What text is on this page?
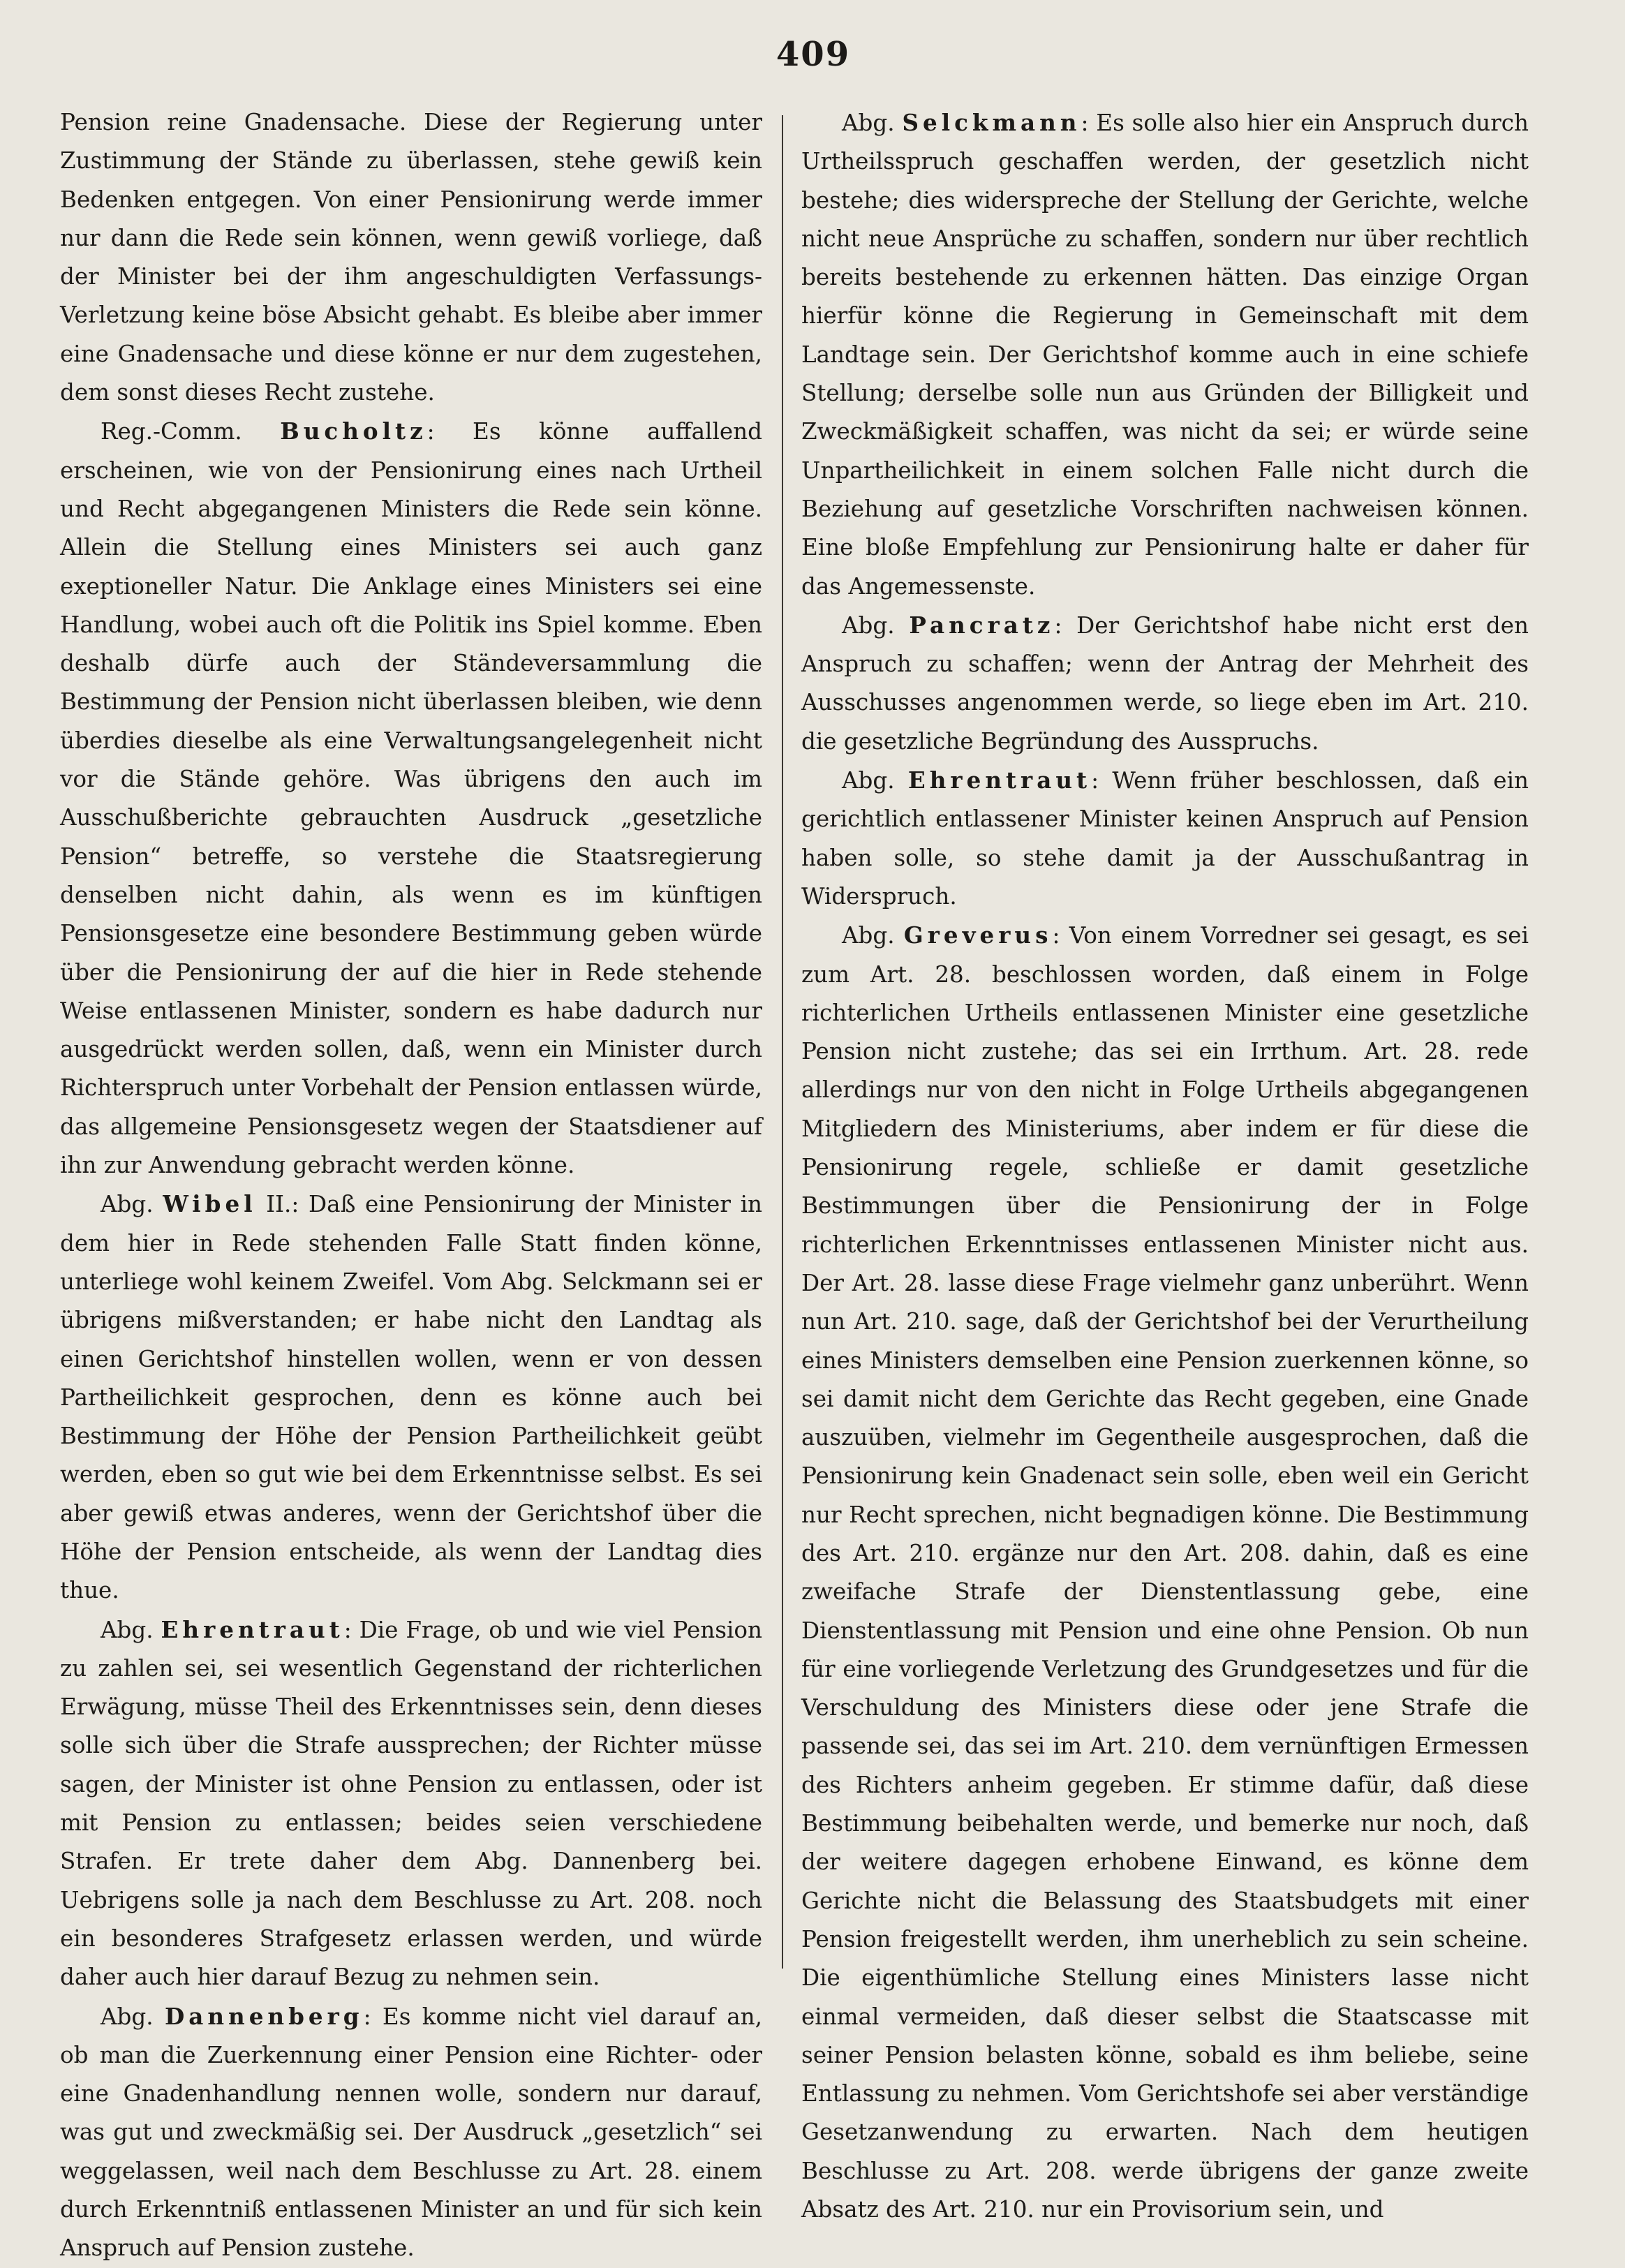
409

Pension reine Gnadensache. Diese der Regierung unter Zustimmung der Stände zu überlassen, stehe gewiß kein Bedenken entgegen. Von einer Pensionirung werde immer nur dann die Rede sein können, wenn gewiß vorliege, daß der Minister bei der ihm angeschuldigten Verfassungs-Verletzung keine böse Absicht gehabt. Es bleibe aber immer eine Gnadensache und diese könne er nur dem zugestehen, dem sonst dieses Recht zustehe.

Reg.-Comm. Bucholtz: Es könne auffallend erscheinen, wie von der Pensionirung eines nach Urtheil und Recht abgegangenen Ministers die Rede sein könne. Allein die Stellung eines Ministers sei auch ganz exeptioneller Natur. Die Anklage eines Ministers sei eine Handlung, wobei auch oft die Politik ins Spiel komme. Eben deshalb dürfe auch der Ständeversammlung die Bestimmung der Pension nicht überlassen bleiben, wie denn überdies dieselbe als eine Verwaltungsangelegenheit nicht vor die Stände gehöre. Was übrigens den auch im Ausschußberichte gebrauchten Ausdruck „gesetzliche Pension“ betreffe, so verstehe die Staatsregierung denselben nicht dahin, als wenn es im künftigen Pensionsgesetze eine besondere Bestimmung geben würde über die Pensionirung der auf die hier in Rede stehende Weise entlassenen Minister, sondern es habe dadurch nur ausgedrückt werden sollen, daß, wenn ein Minister durch Richterspruch unter Vorbehalt der Pension entlassen würde, das allgemeine Pensionsgesetz wegen der Staatsdiener auf ihn zur Anwendung gebracht werden könne.

Abg. Wibel II.: Daß eine Pensionirung der Minister in dem hier in Rede stehenden Falle Statt finden könne, unterliege wohl keinem Zweifel. Vom Abg. Selckmann sei er übrigens mißverstanden; er habe nicht den Landtag als einen Gerichtshof hinstellen wollen, wenn er von dessen Partheilichkeit gesprochen, denn es könne auch bei Bestimmung der Höhe der Pension Partheilichkeit geübt werden, eben so gut wie bei dem Erkenntnisse selbst. Es sei aber gewiß etwas anderes, wenn der Gerichtshof über die Höhe der Pension entscheide, als wenn der Landtag dies thue.

Abg. Ehrentraut: Die Frage, ob und wie viel Pension zu zahlen sei, sei wesentlich Gegenstand der richterlichen Erwägung, müsse Theil des Erkenntnisses sein, denn dieses solle sich über die Strafe aussprechen; der Richter müsse sagen, der Minister ist ohne Pension zu entlassen, oder ist mit Pension zu entlassen; beides seien verschiedene Strafen. Er trete daher dem Abg. Dannenberg bei. Uebrigens solle ja nach dem Beschlusse zu Art. 208. noch ein besonderes Strafgesetz erlassen werden, und würde daher auch hier darauf Bezug zu nehmen sein.

Abg. Dannenberg: Es komme nicht viel darauf an, ob man die Zuerkennung einer Pension eine Richter- oder eine Gnadenhandlung nennen wolle, sondern nur darauf, was gut und zweckmäßig sei. Der Ausdruck „gesetzlich“ sei weggelassen, weil nach dem Beschlusse zu Art. 28. einem durch Erkenntniß entlassenen Minister an und für sich kein Anspruch auf Pension zustehe.

Abg. Selckmann: Es solle also hier ein Anspruch durch Urtheilsspruch geschaffen werden, der gesetzlich nicht bestehe; dies widerspreche der Stellung der Gerichte, welche nicht neue Ansprüche zu schaffen, sondern nur über rechtlich bereits bestehende zu erkennen hätten. Das einzige Organ hierfür könne die Regierung in Gemeinschaft mit dem Landtage sein. Der Gerichtshof komme auch in eine schiefe Stellung; derselbe solle nun aus Gründen der Billigkeit und Zweckmäßigkeit schaffen, was nicht da sei; er würde seine Unpartheilichkeit in einem solchen Falle nicht durch die Beziehung auf gesetzliche Vorschriften nachweisen können. Eine bloße Empfehlung zur Pensionirung halte er daher für das Angemessenste.

Abg. Pancratz: Der Gerichtshof habe nicht erst den Anspruch zu schaffen; wenn der Antrag der Mehrheit des Ausschusses angenommen werde, so liege eben im Art. 210. die gesetzliche Begründung des Ausspruchs.

Abg. Ehrentraut: Wenn früher beschlossen, daß ein gerichtlich entlassener Minister keinen Anspruch auf Pension haben solle, so stehe damit ja der Ausschußantrag in Widerspruch.

Abg. Greverus: Von einem Vorredner sei gesagt, es sei zum Art. 28. beschlossen worden, daß einem in Folge richterlichen Urtheils entlassenen Minister eine gesetzliche Pension nicht zustehe; das sei ein Irrthum. Art. 28. rede allerdings nur von den nicht in Folge Urtheils abgegangenen Mitgliedern des Ministeriums, aber indem er für diese die Pensionirung regele, schließe er damit gesetzliche Bestimmungen über die Pensionirung der in Folge richterlichen Erkenntnisses entlassenen Minister nicht aus. Der Art. 28. lasse diese Frage vielmehr ganz unberührt. Wenn nun Art. 210. sage, daß der Gerichtshof bei der Verurtheilung eines Ministers demselben eine Pension zuerkennen könne, so sei damit nicht dem Gerichte das Recht gegeben, eine Gnade auszuüben, vielmehr im Gegentheile ausgesprochen, daß die Pensionirung kein Gnadenact sein solle, eben weil ein Gericht nur Recht sprechen, nicht begnadigen könne. Die Bestimmung des Art. 210. ergänze nur den Art. 208. dahin, daß es eine zweifache Strafe der Dienstentlassung gebe, eine Dienstentlassung mit Pension und eine ohne Pension. Ob nun für eine vorliegende Verletzung des Grundgesetzes und für die Verschuldung des Ministers diese oder jene Strafe die passende sei, das sei im Art. 210. dem vernünftigen Ermessen des Richters anheim gegeben. Er stimme dafür, daß diese Bestimmung beibehalten werde, und bemerke nur noch, daß der weitere dagegen erhobene Einwand, es könne dem Gerichte nicht die Belassung des Staatsbudgets mit einer Pension freigestellt werden, ihm unerheblich zu sein scheine. Die eigenthümliche Stellung eines Ministers lasse nicht einmal vermeiden, daß dieser selbst die Staatscasse mit seiner Pension belasten könne, sobald es ihm beliebe, seine Entlassung zu nehmen. Vom Gerichtshofe sei aber verständige Gesetzanwendung zu erwarten. Nach dem heutigen Beschlusse zu Art. 208. werde übrigens der ganze zweite Absatz des Art. 210. nur ein Provisorium sein, und
